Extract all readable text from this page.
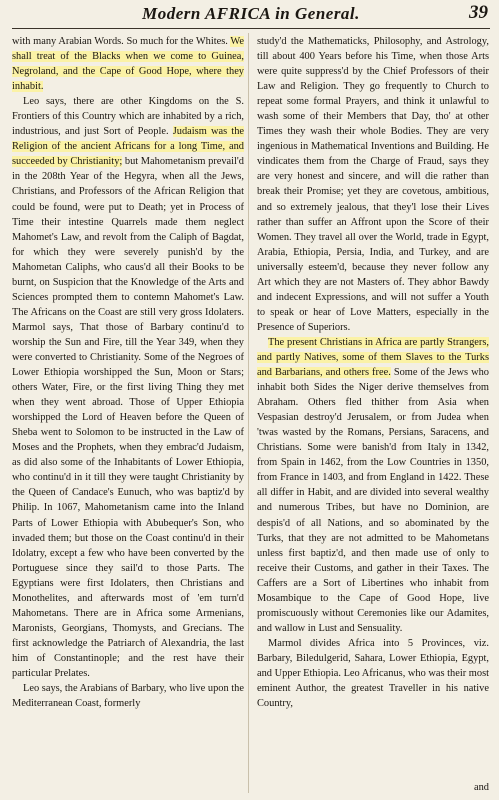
Modern AFRICA in General.	39

with many Arabian Words. So much for the Whites. We shall treat of the Blacks when we come to Guinea, Negroland, and the Cape of Good Hope, where they inhabit.

Leo says, there are other Kingdoms on the S. Frontiers of this Country which are inhabited by a rich, industrious, and just Sort of People. Judaism was the Religion of the ancient Africans for a long Time, and succeeded by Christianity; but Mahometanism prevail'd in the 208th Year of the Hegyra, when all the Jews, Christians, and Professors of the African Religion that could be found, were put to Death; yet in Process of Time their intestine Quarrels made them neglect Mahomet's Law, and revolt from the Caliph of Bagdat, for which they were severely punish'd by the Mahometan Caliphs, who caus'd all their Books to be burnt, on Suspicion that the Knowledge of the Arts and Sciences prompted them to contemn Mahomet's Law. The Africans on the Coast are still very gross Idolaters. Marmol says, That those of Barbary continu'd to worship the Sun and Fire, till the Year 349, when they were converted to Christianity. Some of the Negroes of Lower Ethiopia worshipped the Sun, Moon or Stars; others Water, Fire, or the first living Thing they met when they went abroad. Those of Upper Ethiopia worshipped the Lord of Heaven before the Queen of Sheba went to Solomon to be instructed in the Law of Moses and the Prophets, when they embrac'd Judaism, as did also some of the Inhabitants of Lower Ethiopia, who continu'd in it till they were taught Christianity by the Queen of Candace's Eunuch, who was baptiz'd by Philip. In 1067, Mahometanism came into the Inland Parts of Lower Ethiopia with Abubequer's Son, who invaded them; but those on the Coast continu'd in their Idolatry, except a few who have been converted by the Portuguese since they sail'd to those Parts. The Egyptians were first Idolaters, then Christians and Monothelites, and afterwards most of 'em turn'd Mahometans. There are in Africa some Armenians, Maronists, Georgians, Thomysts, and Grecians. The first acknowledge the Patriarch of Alexandria, the last him of Constantinople; and the rest have their particular Prelates.

Leo says, the Arabians of Barbary, who live upon the Mediterranean Coast, formerly

study'd the Mathematicks, Philosophy, and Astrology, till about 400 Years before his Time, when those Arts were quite suppress'd by the Chief Professors of their Law and Religion. They go frequently to Church to repeat some formal Prayers, and think it unlawful to wash some of their Members that Day, tho' at other Times they wash their whole Bodies. They are very ingenious in Mathematical Inventions and Building. He vindicates them from the Charge of Fraud, says they are very honest and sincere, and will die rather than break their Promise; yet they are covetous, ambitious, and so extremely jealous, that they'l lose their Lives rather than suffer an Affront upon the Score of their Women. They travel all over the World, trade in Egypt, Arabia, Ethiopia, Persia, India, and Turkey, and are universally esteem'd, because they never follow any Art which they are not Masters of. They abhor Bawdy and indecent Expressions, and will not suffer a Youth to speak or hear of Love Matters, especially in the Presence of Superiors.

The present Christians in Africa are partly Strangers, and partly Natives, some of them Slaves to the Turks and Barbarians, and others free. Some of the Jews who inhabit both Sides the Niger derive themselves from Abraham. Others fled thither from Asia when Vespasian destroy'd Jerusalem, or from Judea when 'twas wasted by the Romans, Persians, Saracens, and Christians. Some were banish'd from Italy in 1342, from Spain in 1462, from the Low Countries in 1350, from France in 1403, and from England in 1422. These all differ in Habit, and are divided into several wealthy and numerous Tribes, but have no Dominion, are despis'd of all Nations, and so abominated by the Turks, that they are not admitted to be Mahometans unless first baptiz'd, and then made use of only to receive their Customs, and gather in their Taxes. The Caffers are a Sort of Libertines who inhabit from Mosambique to the Cape of Good Hope, live promiscuously without Ceremonies like our Adamites, and wallow in Lust and Sensuality.

Marmol divides Africa into 5 Provinces, viz. Barbary, Biledulgerid, Sahara, Lower Ethiopia, Egypt, and Upper Ethiopia. Leo Africanus, who was their most eminent Author, the greatest Traveller in his native Country,

and
